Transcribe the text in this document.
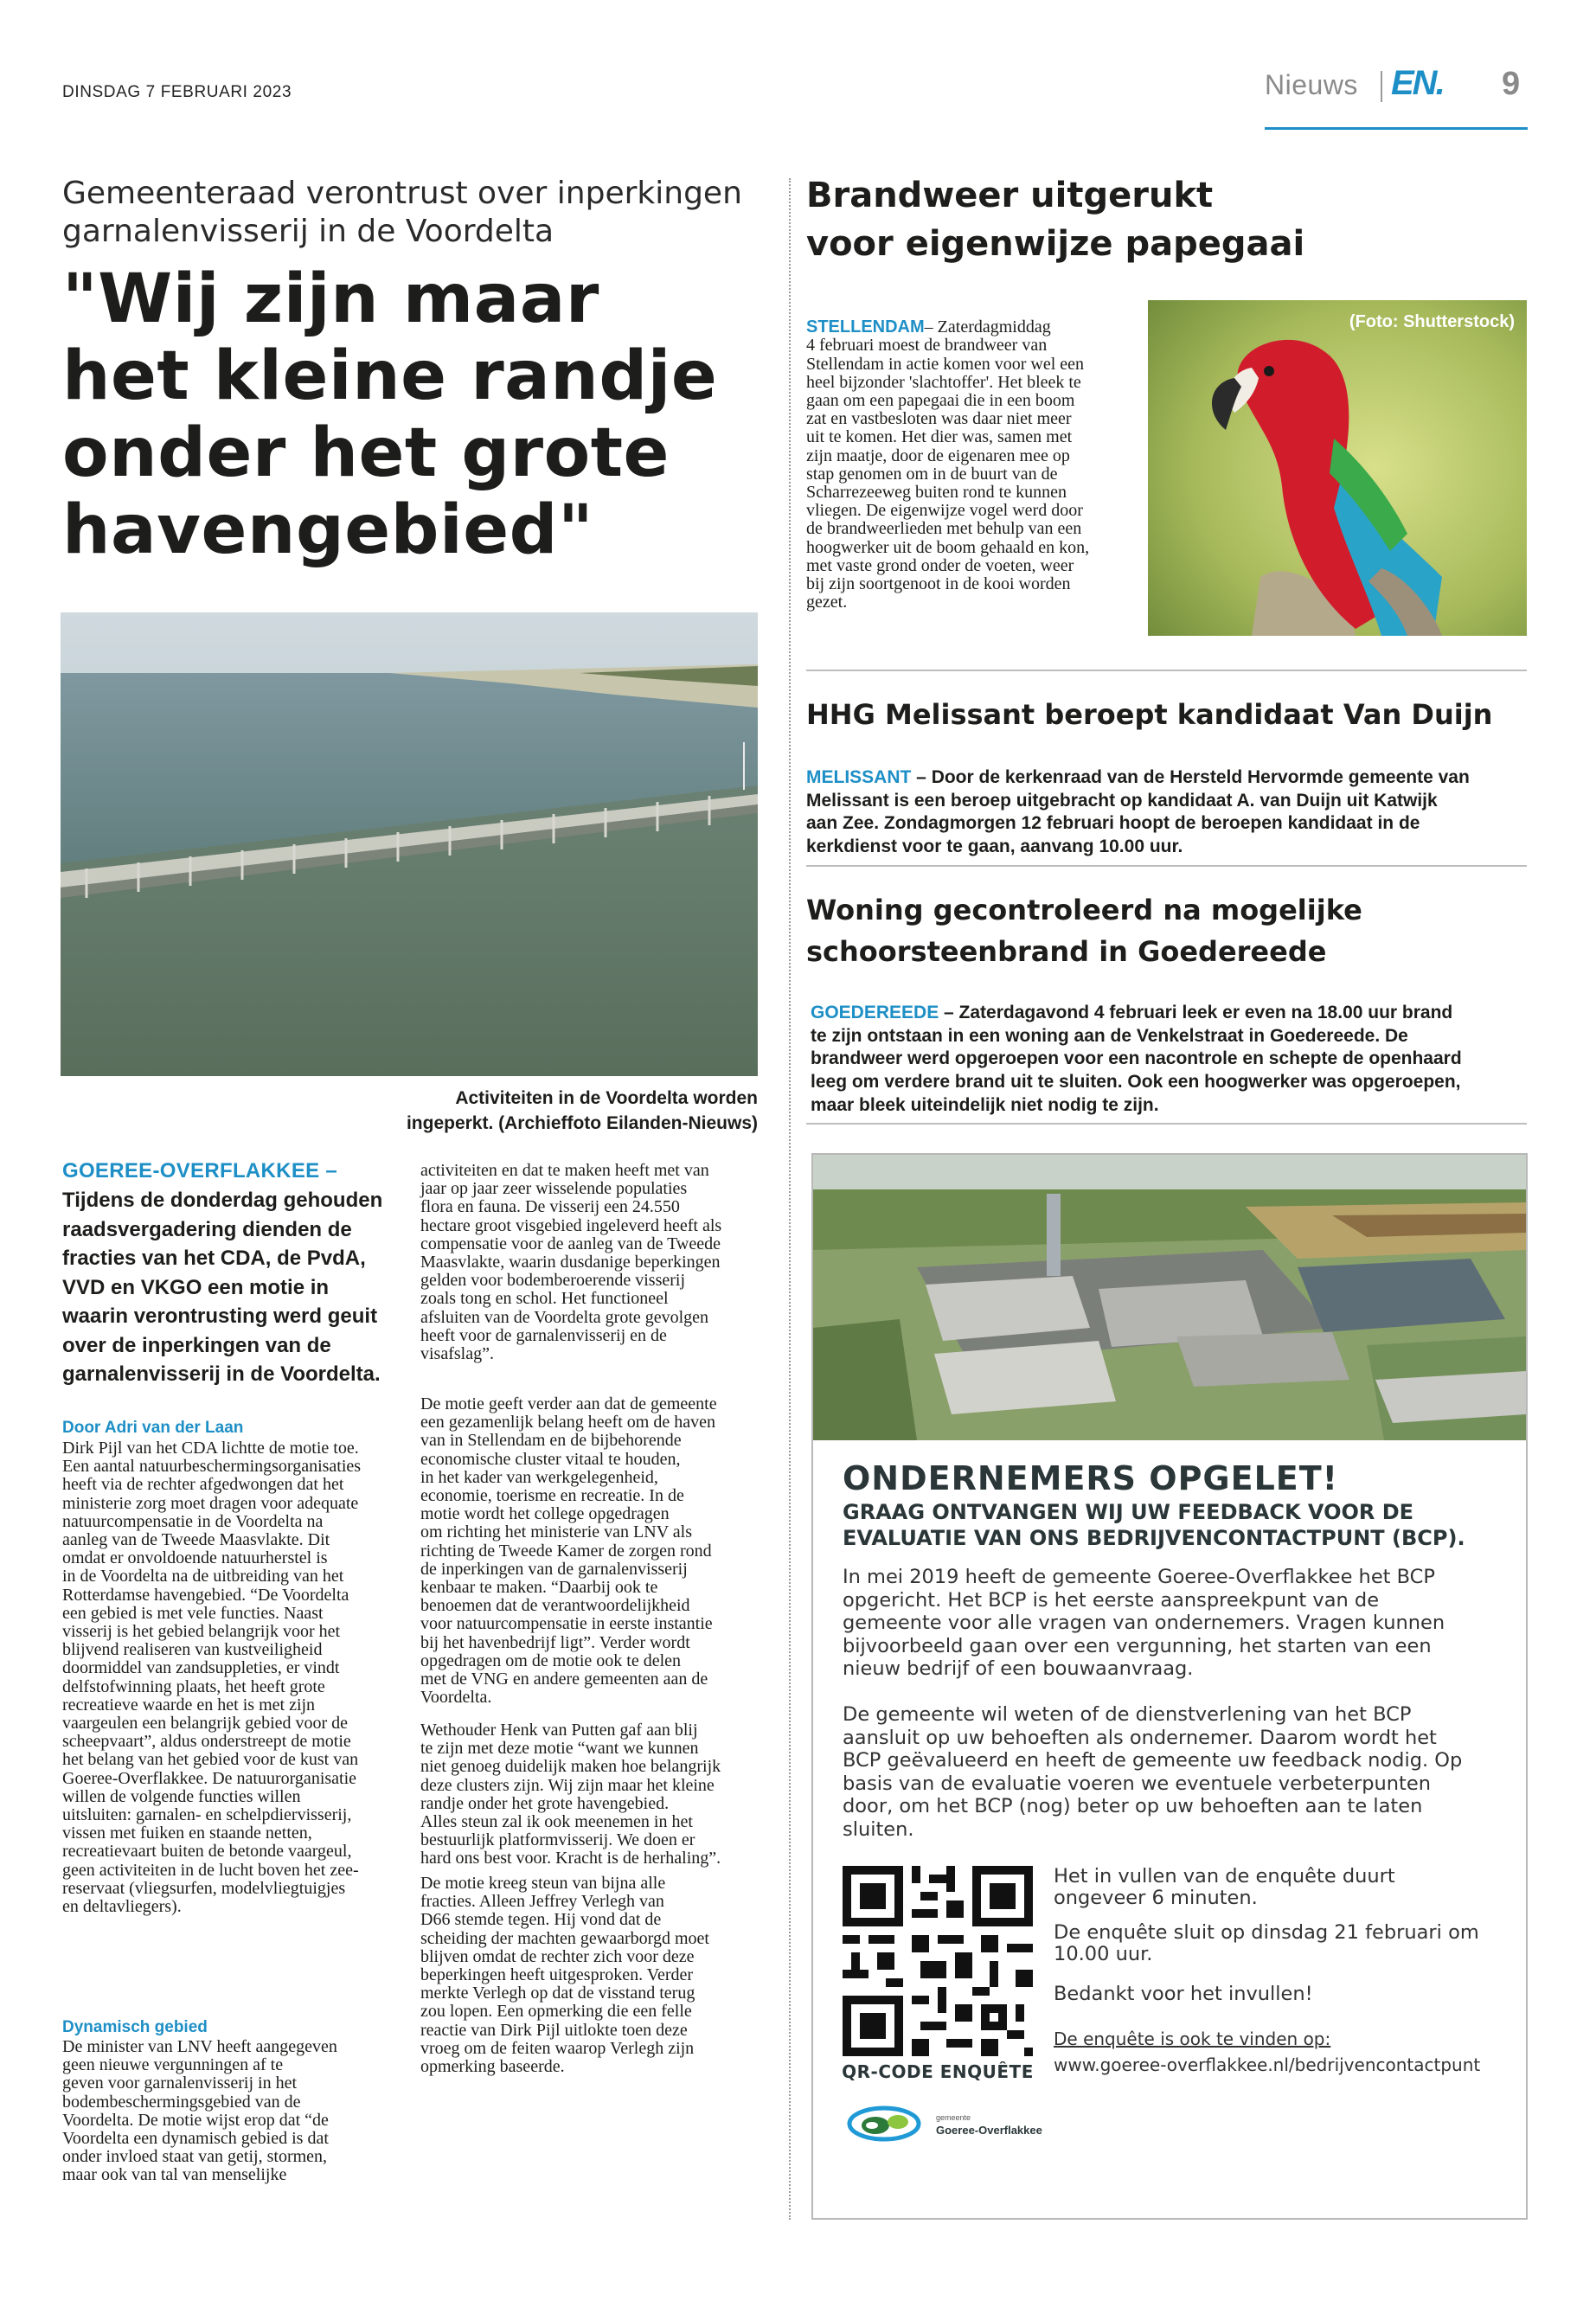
DINSDAG 7 FEBRUARI 2023	Nieuws EN. 9
Gemeenteraad verontrust over inperkingen
garnalenvisserij in de Voordelta
"Wij zijn maar
het kleine randje
onder het grote
havengebied"
Activiteiten in de Voordelta worden
ingeperkt. (Archieffoto Eilanden-Nieuws)
GOEREE-OVERFLAKKEE –
Tijdens de donderdag gehouden
raadsvergadering dienden de
fracties van het CDA, de PvdA,
VVD en VKGO een motie in
waarin verontrusting werd geuit
over de inperkingen van de
garnalenvisserij in de Voordelta.
Door Adri van der Laan
Dirk Pijl van het CDA lichtte de motie toe.
Een aantal natuurbeschermingsorganisaties
heeft via de rechter afgedwongen dat het
ministerie zorg moet dragen voor adequate
natuurcompensatie in de Voordelta na
aanleg van de Tweede Maasvlakte. Dit
omdat er onvoldoende natuurherstel is
in de Voordelta na de uitbreiding van het
Rotterdamse havengebied. “De Voordelta
een gebied is met vele functies. Naast
visserij is het gebied belangrijk voor het
blijvend realiseren van kustveiligheid
doormiddel van zandsuppleties, er vindt
delfstofwinning plaats, het heeft grote
recreatieve waarde en het is met zijn
vaargeulen een belangrijk gebied voor de
scheepvaart”, aldus onderstreept de motie
het belang van het gebied voor de kust van
Goeree-Overflakkee. De natuurorganisatie
willen de volgende functies willen
uitsluiten: garnalen- en schelpdiervisserij,
vissen met fuiken en staande netten,
recreatievaart buiten de betonde vaargeul,
geen activiteiten in de lucht boven het zee-
reservaat (vliegsurfen, modelvliegtuigjes
en deltavliegers).
Dynamisch gebied
De minister van LNV heeft aangegeven
geen nieuwe vergunningen af te
geven voor garnalenvisserij in het
bodembeschermingsgebied van de
Voordelta. De motie wijst erop dat “de
Voordelta een dynamisch gebied is dat
onder invloed staat van getij, stormen,
maar ook van tal van menselijke
activiteiten en dat te maken heeft met van
jaar op jaar zeer wisselende populaties
flora en fauna. De visserij een 24.550
hectare groot visgebied ingeleverd heeft als
compensatie voor de aanleg van de Tweede
Maasvlakte, waarin dusdanige beperkingen
gelden voor bodemberoerende visserij
zoals tong en schol. Het functioneel
afsluiten van de Voordelta grote gevolgen
heeft voor de garnalenvisserij en de
visafslag”.
De motie geeft verder aan dat de gemeente
een gezamenlijk belang heeft om de haven
van in Stellendam en de bijbehorende
economische cluster vitaal te houden,
in het kader van werkgelegenheid,
economie, toerisme en recreatie. In de
motie wordt het college opgedragen
om richting het ministerie van LNV als
richting de Tweede Kamer de zorgen rond
de inperkingen van de garnalenvisserij
kenbaar te maken. “Daarbij ook te
benoemen dat de verantwoordelijkheid
voor natuurcompensatie in eerste instantie
bij het havenbedrijf ligt”. Verder wordt
opgedragen om de motie ook te delen
met de VNG en andere gemeenten aan de
Voordelta.
Wethouder Henk van Putten gaf aan blij
te zijn met deze motie “want we kunnen
niet genoeg duidelijk maken hoe belangrijk
deze clusters zijn. Wij zijn maar het kleine
randje onder het grote havengebied.
Alles steun zal ik ook meenemen in het
bestuurlijk platformvisserij. We doen er
hard ons best voor. Kracht is de herhaling”.
De motie kreeg steun van bijna alle
fracties. Alleen Jeffrey Verlegh van
D66 stemde tegen. Hij vond dat de
scheiding der machten gewaarborgd moet
blijven omdat de rechter zich voor deze
beperkingen heeft uitgesproken. Verder
merkte Verlegh op dat de visstand terug
zou lopen. Een opmerking die een felle
reactie van Dirk Pijl uitlokte toen deze
vroeg om de feiten waarop Verlegh zijn
opmerking baseerde.
Brandweer uitgerukt
voor eigenwijze papegaai

STELLENDAM– Zaterdagmiddag
4 februari moest de brandweer van
Stellendam in actie komen voor wel een
heel bijzonder 'slachtoffer'. Het bleek te
gaan om een papegaai die in een boom
zat en vastbesloten was daar niet meer
uit te komen. Het dier was, samen met
zijn maatje, door de eigenaren mee op
stap genomen om in de buurt van de
Scharrezeeweg buiten rond te kunnen
vliegen. De eigenwijze vogel werd door
de brandweerlieden met behulp van een
hoogwerker uit de boom gehaald en kon,
met vaste grond onder de voeten, weer
bij zijn soortgenoot in de kooi worden
gezet.

(Foto: Shutterstock)
HHG Melissant beroept kandidaat Van Duijn

MELISSANT – Door de kerkenraad van de Hersteld Hervormde gemeente van
Melissant is een beroep uitgebracht op kandidaat A. van Duijn uit Katwijk
aan Zee. Zondagmorgen 12 februari hoopt de beroepen kandidaat in de
kerkdienst voor te gaan, aanvang 10.00 uur.

Woning gecontroleerd na mogelijke
schoorsteenbrand in Goedereede

GOEDEREEDE – Zaterdagavond 4 februari leek er even na 18.00 uur brand
te zijn ontstaan in een woning aan de Venkelstraat in Goedereede. De
brandweer werd opgeroepen voor een nacontrole en schepte de openhaard
leeg om verdere brand uit te sluiten. Ook een hoogwerker was opgeroepen,
maar bleek uiteindelijk niet nodig te zijn.

ONDERNEMERS OPGELET!
GRAAG ONTVANGEN WIJ UW FEEDBACK VOOR DE
EVALUATIE VAN ONS BEDRIJVENCONTACTPUNT (BCP).
In mei 2019 heeft de gemeente Goeree-Overflakkee het BCP
opgericht. Het BCP is het eerste aanspreekpunt van de
gemeente voor alle vragen van ondernemers. Vragen kunnen
bijvoorbeeld gaan over een vergunning, het starten van een
nieuw bedrijf of een bouwaanvraag.
De gemeente wil weten of de dienstverlening van het BCP
aansluit op uw behoeften als ondernemer. Daarom wordt het
BCP geëvalueerd en heeft de gemeente uw feedback nodig. Op
basis van de evaluatie voeren we eventuele verbeterpunten
door, om het BCP (nog) beter op uw behoeften aan te laten
sluiten.
QR-CODE ENQUÊTE
Het in vullen van de enquête duurt
ongeveer 6 minuten.
De enquête sluit op dinsdag 21 februari om
10.00 uur.
Bedankt voor het invullen!
De enquête is ook te vinden op:
www.goeree-overflakkee.nl/bedrijvencontactpunt
gemeente
Goeree-Overflakkee
